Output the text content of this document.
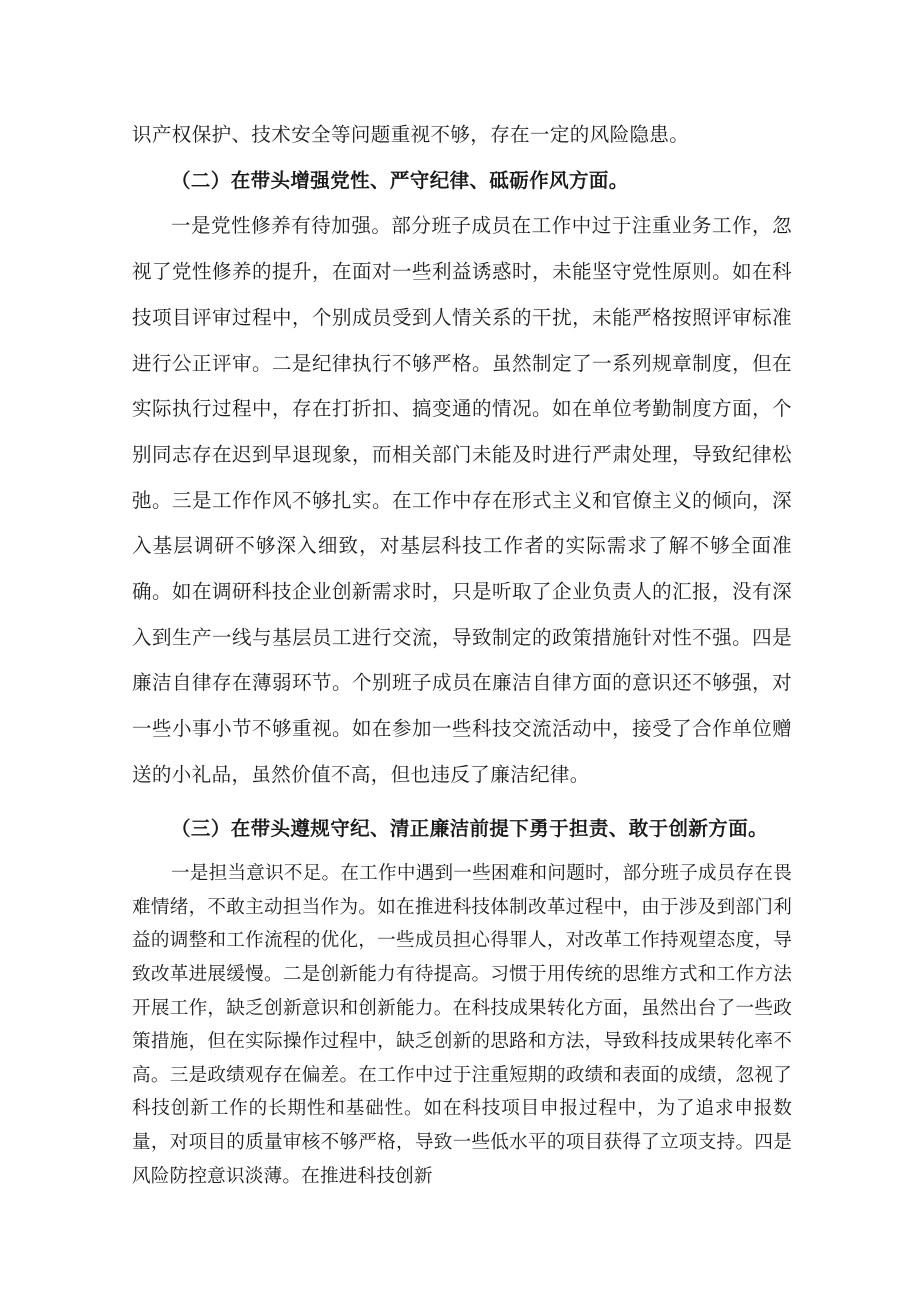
识产权保护、技术安全等问题重视不够，存在一定的风险隐患。

（二）在带头增强党性、严守纪律、砥砺作风方面。

一是党性修养有待加强。部分班子成员在工作中过于注重业务工作，忽视了党性修养的提升，在面对一些利益诱惑时，未能坚守党性原则。如在科技项目评审过程中，个别成员受到人情关系的干扰，未能严格按照评审标准进行公正评审。二是纪律执行不够严格。虽然制定了一系列规章制度，但在实际执行过程中，存在打折扣、搞变通的情况。如在单位考勤制度方面，个别同志存在迟到早退现象，而相关部门未能及时进行严肃处理，导致纪律松弛。三是工作作风不够扎实。在工作中存在形式主义和官僚主义的倾向，深入基层调研不够深入细致，对基层科技工作者的实际需求了解不够全面准确。如在调研科技企业创新需求时，只是听取了企业负责人的汇报，没有深入到生产一线与基层员工进行交流，导致制定的政策措施针对性不强。四是廉洁自律存在薄弱环节。个别班子成员在廉洁自律方面的意识还不够强，对一些小事小节不够重视。如在参加一些科技交流活动中，接受了合作单位赠送的小礼品，虽然价值不高，但也违反了廉洁纪律。

（三）在带头遵规守纪、清正廉洁前提下勇于担责、敢于创新方面。

一是担当意识不足。在工作中遇到一些困难和问题时，部分班子成员存在畏难情绪，不敢主动担当作为。如在推进科技体制改革过程中，由于涉及到部门利益的调整和工作流程的优化，一些成员担心得罪人，对改革工作持观望态度，导致改革进展缓慢。二是创新能力有待提高。习惯于用传统的思维方式和工作方法开展工作，缺乏创新意识和创新能力。在科技成果转化方面，虽然出台了一些政策措施，但在实际操作过程中，缺乏创新的思路和方法，导致科技成果转化率不高。三是政绩观存在偏差。在工作中过于注重短期的政绩和表面的成绩，忽视了科技创新工作的长期性和基础性。如在科技项目申报过程中，为了追求申报数量，对项目的质量审核不够严格，导致一些低水平的项目获得了立项支持。四是风险防控意识淡薄。在推进科技创新
